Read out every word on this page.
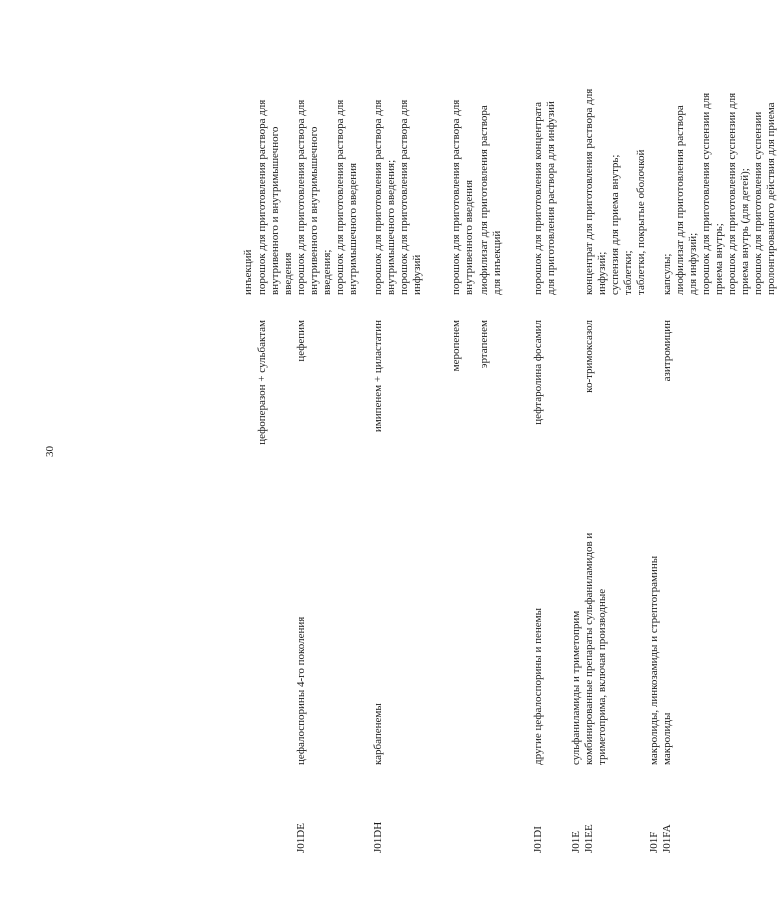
30
инъекций
цефоперазон + сульбактам
порошок для приготовления раствора для внутривенного и внутримышечного введения
J01DE
цефалоспорины 4-го поколения
цефепим
порошок для приготовления раствора для внутривенного и внутримышечного введения; порошок для приготовления раствора для внутримышечного введения
J01DH
карбапенемы
имипенем + циластатин
порошок для приготовления раствора для внутримышечного введения; порошок для приготовления раствора для инфузий
меропенем
порошок для приготовления раствора для внутривенного введения
эртапенем
лиофилизат для приготовления раствора для инъекций
J01DI
другие цефалоспорины и пенемы
цефтаролина фосамил
порошок для приготовления концентрата для приготовления раствора для инфузий
J01E
сульфаниламиды и триметоприм
J01EE
комбинированные препараты сульфаниламидов и триметоприма, включая производные
ко-тримоксазол
концентрат для приготовления раствора для инфузий; суспензия для приема внутрь; таблетки; таблетки, покрытые оболочкой
J01F
макролиды, линкозамиды и стрептограмины
J01FA
макролиды
азитромицин
капсулы; лиофилизат для приготовления раствора для инфузий; порошок для приготовления суспензии для приема внутрь; порошок для приготовления суспензии для приема внутрь (для детей); порошок для приготовления суспензии пролонгированного действия для приема
